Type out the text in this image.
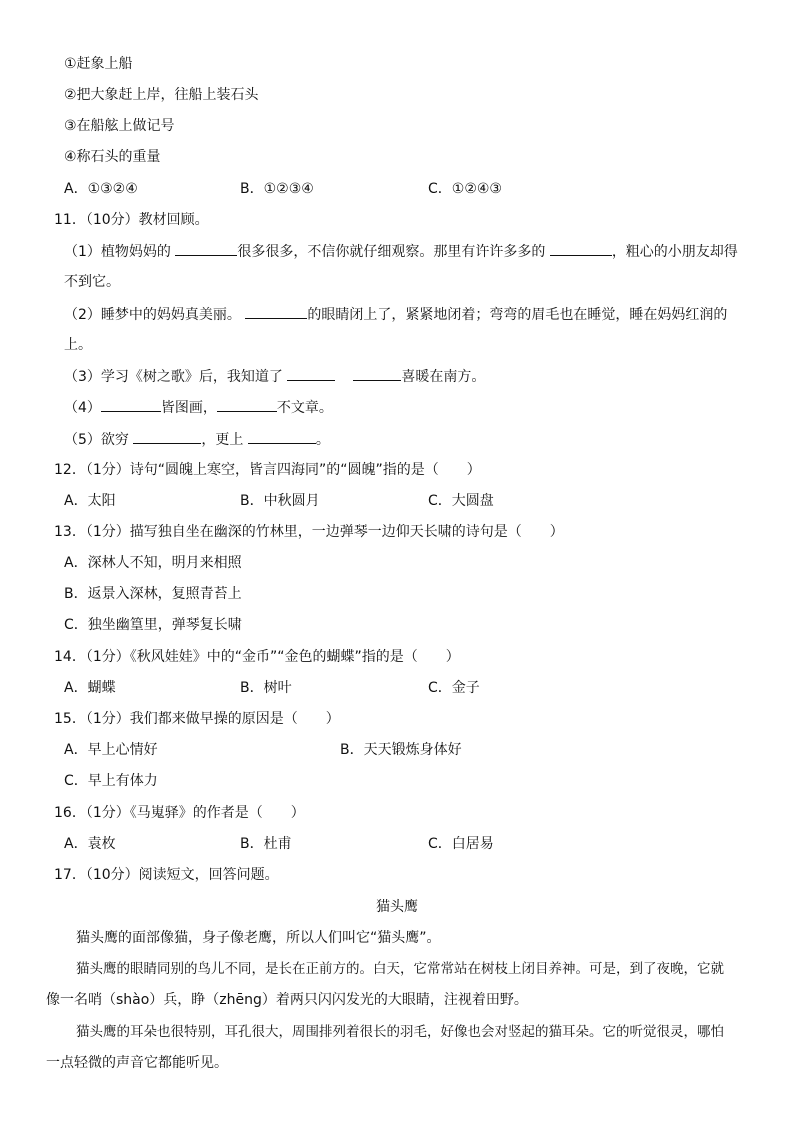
①赶象上船
②把大象赶上岸，往船上装石头
③在船舷上做记号
④称石头的重量
A．①③②④	B．①②③④	C．①②④③
11．（10分）教材回顾。
（1）植物妈妈的	很多很多，不信你就仔细观察。那里有许许多多的	，粗心的小朋友却得
不到它。
（2）睡梦中的妈妈真美丽。	的眼睛闭上了，紧紧地闭着；弯弯的眉毛也在睡觉，睡在妈妈红润的
上。
（3）学习《树之歌》后，我知道了	喜暖在南方。
（4）	皆图画，	不文章。
（5）欲穷	，更上	。
12．（1分）诗句“圆魄上寒空，皆言四海同”的“圆魄”指的是（　　）
A．太阳	B．中秋圆月	C．大圆盘
13．（1分）描写独自坐在幽深的竹林里，一边弹琴一边仰天长啸的诗句是（　　）
A．深林人不知，明月来相照
B．返景入深林，复照青苔上
C．独坐幽篁里，弹琴复长啸
14．（1分）《秋风娃娃》中的“金币”“金色的蝴蝶”指的是（　　）
A．蝴蝶	B．树叶	C．金子
15．（1分）我们都来做早操的原因是（　　）
A．早上心情好	B．天天锻炼身体好
C．早上有体力
16．（1分）《马嵬驿》的作者是（　　）
A．袁枚	B．杜甫	C．白居易
17．（10分）阅读短文，回答问题。
猫头鹰
猫头鹰的面部像猫，身子像老鹰，所以人们叫它“猫头鹰”。
猫头鹰的眼睛同别的鸟儿不同，是长在正前方的。白天，它常常站在树枝上闭目养神。可是，到了夜晚，它就
像一名哨（shào）兵，睁（zhēng）着两只闪闪发光的大眼睛，注视着田野。
猫头鹰的耳朵也很特别，耳孔很大，周围排列着很长的羽毛，好像也会对竖起的猫耳朵。它的听觉很灵，哪怕
一点轻微的声音它都能听见。
